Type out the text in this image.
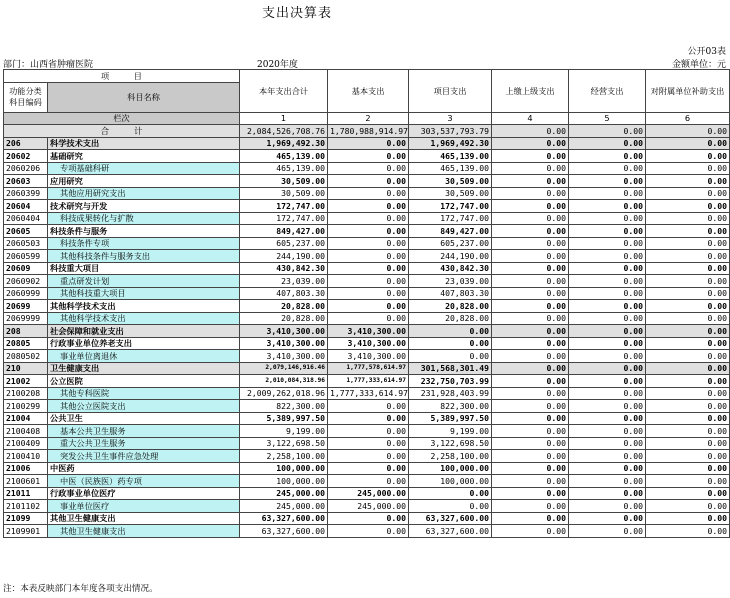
支出决算表
公开03表
部门：山西省肿瘤医院	2020年度	金额单位：元
项　　　目		本年支出合计	基本支出	项目支出	上缴上级支出	经营支出	对附属单位补助支出
功能分类
科目编码	科目名称						

栏次		1	2	3	4	5	6
合　　　计		2,084,526,708.76	1,780,988,914.97	303,537,793.79	0.00	0.00	0.00
206	科学技术支出	1,969,492.30	0.00	1,969,492.30	0.00	0.00	0.00
20602	基础研究	465,139.00	0.00	465,139.00	0.00	0.00	0.00
2060206	专项基础科研	465,139.00	0.00	465,139.00	0.00	0.00	0.00
20603	应用研究	30,509.00	0.00	30,509.00	0.00	0.00	0.00
2060399	其他应用研究支出	30,509.00	0.00	30,509.00	0.00	0.00	0.00
20604	技术研究与开发	172,747.00	0.00	172,747.00	0.00	0.00	0.00
2060404	科技成果转化与扩散	172,747.00	0.00	172,747.00	0.00	0.00	0.00
20605	科技条件与服务	849,427.00	0.00	849,427.00	0.00	0.00	0.00
2060503	科技条件专项	605,237.00	0.00	605,237.00	0.00	0.00	0.00
2060599	其他科技条件与服务支出	244,190.00	0.00	244,190.00	0.00	0.00	0.00
20609	科技重大项目	430,842.30	0.00	430,842.30	0.00	0.00	0.00
2060902	重点研发计划	23,039.00	0.00	23,039.00	0.00	0.00	0.00
2060999	其他科技重大项目	407,803.30	0.00	407,803.30	0.00	0.00	0.00
20699	其他科学技术支出	20,828.00	0.00	20,828.00	0.00	0.00	0.00
2069999	其他科学技术支出	20,828.00	0.00	20,828.00	0.00	0.00	0.00
208	社会保障和就业支出	3,410,300.00	3,410,300.00	0.00	0.00	0.00	0.00
20805	行政事业单位养老支出	3,410,300.00	3,410,300.00	0.00	0.00	0.00	0.00
2080502	事业单位离退休	3,410,300.00	3,410,300.00	0.00	0.00	0.00	0.00
210	卫生健康支出	2,079,146,916.46	1,777,578,614.97	301,568,301.49	0.00	0.00	0.00
21002	公立医院	2,010,084,318.96	1,777,333,614.97	232,750,703.99	0.00	0.00	0.00
2100208	其他专科医院	2,009,262,018.96	1,777,333,614.97	231,928,403.99	0.00	0.00	0.00
2100299	其他公立医院支出	822,300.00	0.00	822,300.00	0.00	0.00	0.00
21004	公共卫生	5,389,997.50	0.00	5,389,997.50	0.00	0.00	0.00
2100408	基本公共卫生服务	9,199.00	0.00	9,199.00	0.00	0.00	0.00
2100409	重大公共卫生服务	3,122,698.50	0.00	3,122,698.50	0.00	0.00	0.00
2100410	突发公共卫生事件应急处理	2,258,100.00	0.00	2,258,100.00	0.00	0.00	0.00
21006	中医药	100,000.00	0.00	100,000.00	0.00	0.00	0.00
2100601	中医（民族医）药专项	100,000.00	0.00	100,000.00	0.00	0.00	0.00
21011	行政事业单位医疗	245,000.00	245,000.00	0.00	0.00	0.00	0.00
2101102	事业单位医疗	245,000.00	245,000.00	0.00	0.00	0.00	0.00
21099	其他卫生健康支出	63,327,600.00	0.00	63,327,600.00	0.00	0.00	0.00
2109901	其他卫生健康支出	63,327,600.00	0.00	63,327,600.00	0.00	0.00	0.00
注：本表反映部门本年度各项支出情况。
